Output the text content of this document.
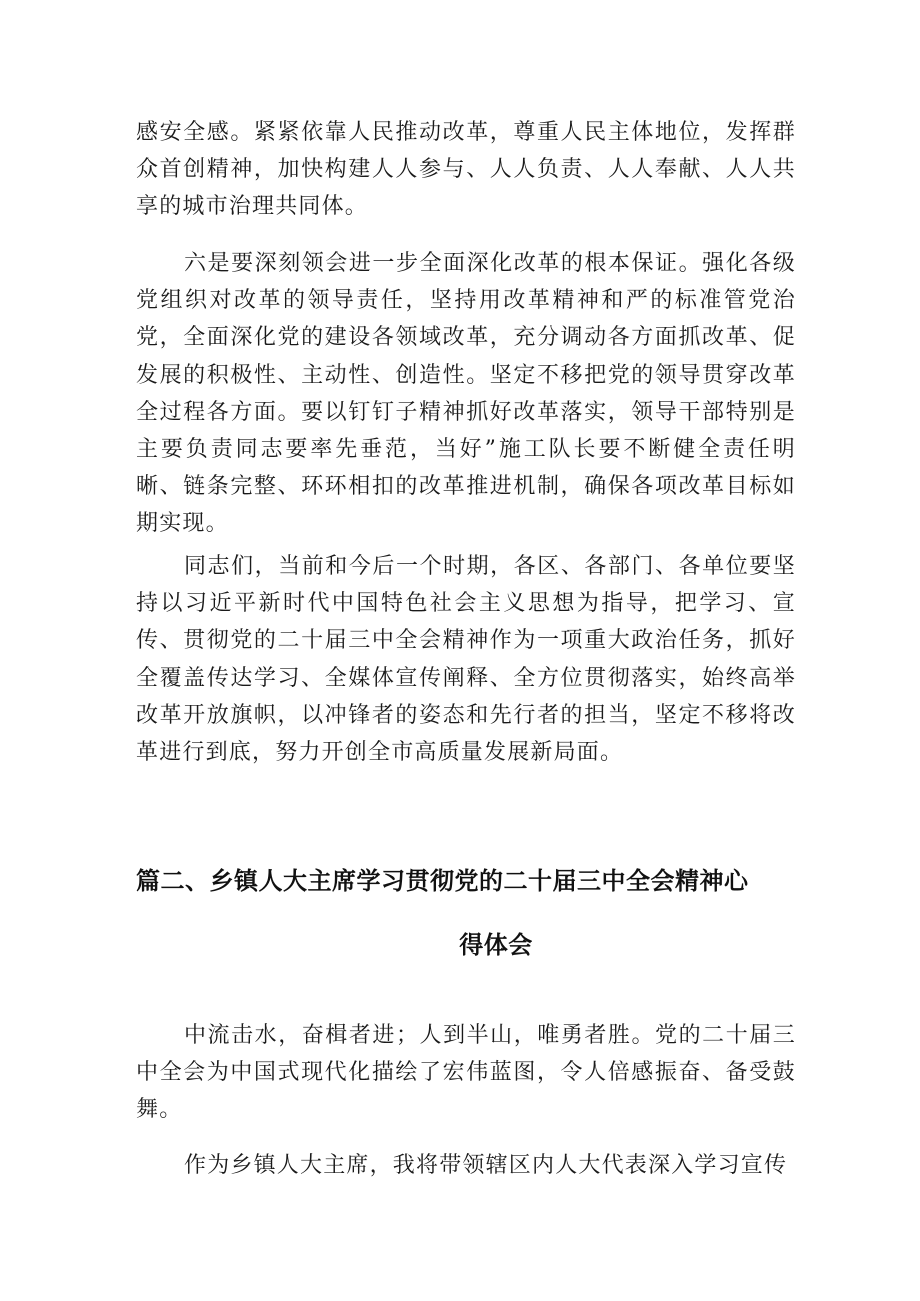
感安全感。紧紧依靠人民推动改革，尊重人民主体地位，发挥群众首创精神，加快构建人人参与、人人负责、人人奉献、人人共享的城市治理共同体。

六是要深刻领会进一步全面深化改革的根本保证。强化各级党组织对改革的领导责任，坚持用改革精神和严的标准管党治党，全面深化党的建设各领域改革，充分调动各方面抓改革、促发展的积极性、主动性、创造性。坚定不移把党的领导贯穿改革全过程各方面。要以钉钉子精神抓好改革落实，领导干部特别是主要负责同志要率先垂范，当好”施工队长要不断健全责任明晰、链条完整、环环相扣的改革推进机制，确保各项改革目标如期实现。

同志们，当前和今后一个时期，各区、各部门、各单位要坚持以习近平新时代中国特色社会主义思想为指导，把学习、宣传、贯彻党的二十届三中全会精神作为一项重大政治任务，抓好全覆盖传达学习、全媒体宣传阐释、全方位贯彻落实，始终高举改革开放旗帜，以冲锋者的姿态和先行者的担当，坚定不移将改革进行到底，努力开创全市高质量发展新局面。

篇二、乡镇人大主席学习贯彻党的二十届三中全会精神心
得体会

中流击水，奋楫者进；人到半山，唯勇者胜。党的二十届三中全会为中国式现代化描绘了宏伟蓝图，令人倍感振奋、备受鼓舞。

作为乡镇人大主席，我将带领辖区内人大代表深入学习宣传
